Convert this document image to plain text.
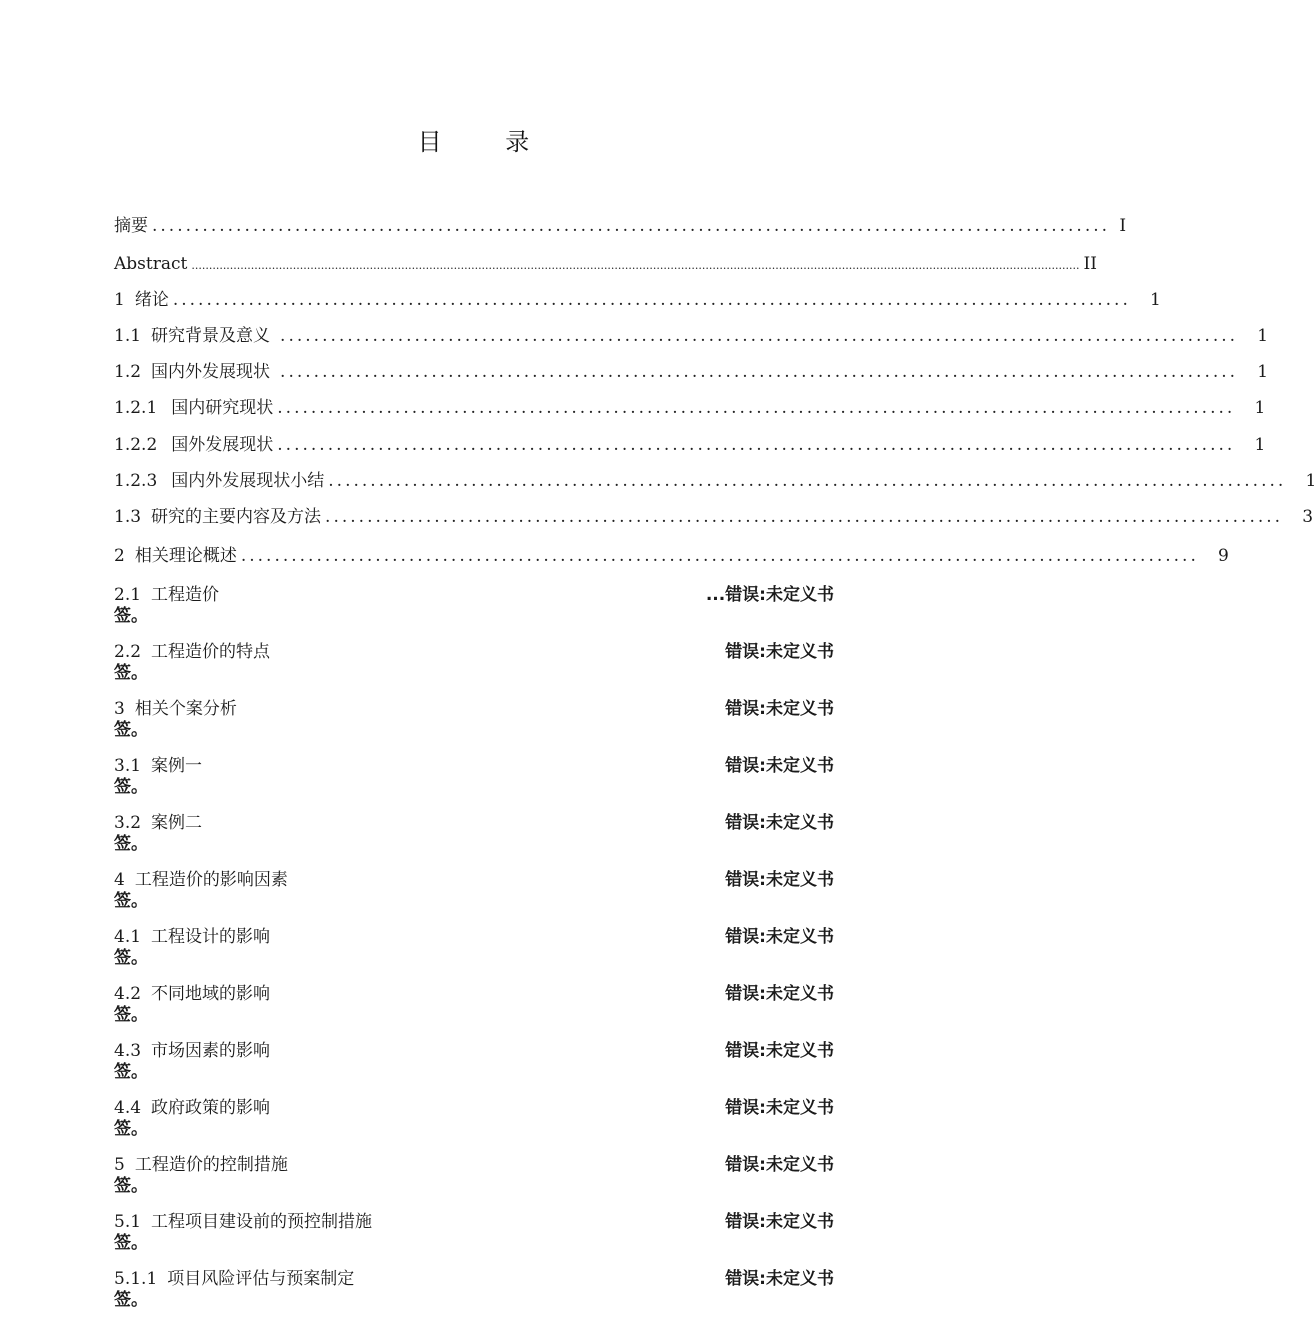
目 录
摘要 .................................................................................................................. I
Abstract .............................................................................................................................................................................................................................................................. II
1 绪论 .................................................................................................................. 1
1.1 研究背景及意义 .................................................................................................................. 1
1.2 国内外发展现状 .................................................................................................................. 1
1.2.1 国内研究现状 .................................................................................................................. 1
1.2.2 国外发展现状 .................................................................................................................. 1
1.2.3 国内外发展现状小结 .................................................................................................................. 1
1.3 研究的主要内容及方法 .................................................................................................................. 3
2 相关理论概述 .................................................................................................................. 9
2.1 工程造价	...错误:未定义书
签。
2.2 工程造价的特点	错误:未定义书
签。
3 相关个案分析	错误:未定义书
签。
3.1 案例一	错误:未定义书
签。
3.2 案例二	错误:未定义书
签。
4 工程造价的影响因素	错误:未定义书
签。
4.1 工程设计的影响	错误:未定义书
签。
4.2 不同地域的影响	错误:未定义书
签。
4.3 市场因素的影响	错误:未定义书
签。
4.4 政府政策的影响	错误:未定义书
签。
5 工程造价的控制措施	错误:未定义书
签。
5.1 工程项目建设前的预控制措施	错误:未定义书
签。
5.1.1 项目风险评估与预案制定	错误:未定义书
签。
